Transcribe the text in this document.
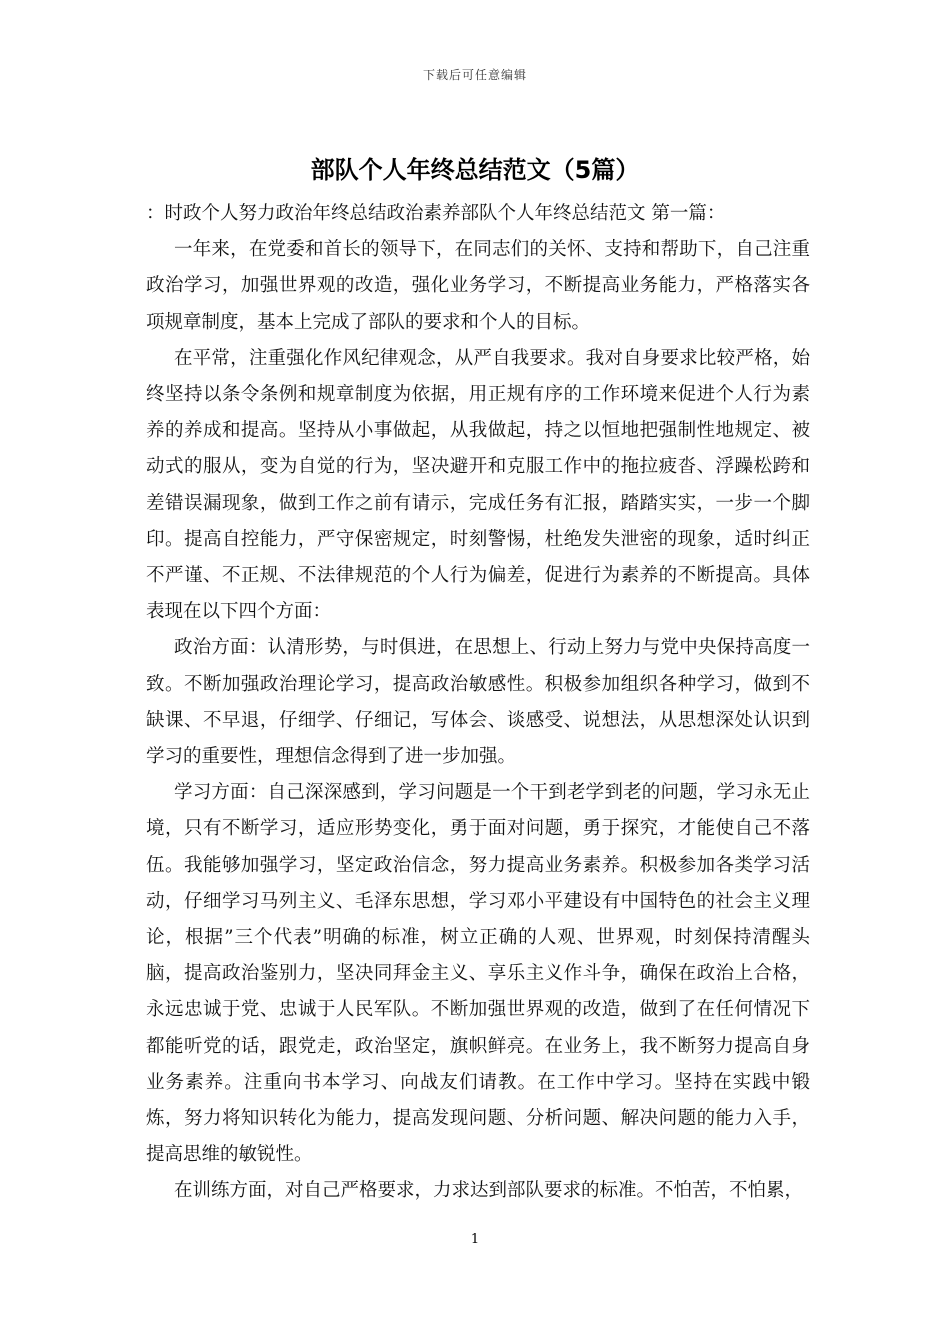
下载后可任意编辑
部队个人年终总结范文（5篇）

：时政个人努力政治年终总结政治素养部队个人年终总结范文 第一篇：

一年来，在党委和首长的领导下，在同志们的关怀、支持和帮助下，自己注重政治学习，加强世界观的改造，强化业务学习，不断提高业务能力，严格落实各项规章制度，基本上完成了部队的要求和个人的目标。

在平常，注重强化作风纪律观念，从严自我要求。我对自身要求比较严格，始终坚持以条令条例和规章制度为依据，用正规有序的工作环境来促进个人行为素养的养成和提高。坚持从小事做起，从我做起，持之以恒地把强制性地规定、被动式的服从，变为自觉的行为，坚决避开和克服工作中的拖拉疲沓、浮躁松跨和差错误漏现象，做到工作之前有请示，完成任务有汇报，踏踏实实，一步一个脚印。提高自控能力，严守保密规定，时刻警惕，杜绝发失泄密的现象，适时纠正不严谨、不正规、不法律规范的个人行为偏差，促进行为素养的不断提高。具体表现在以下四个方面：

政治方面：认清形势，与时俱进，在思想上、行动上努力与党中央保持高度一致。不断加强政治理论学习，提高政治敏感性。积极参加组织各种学习，做到不缺课、不早退，仔细学、仔细记，写体会、谈感受、说想法，从思想深处认识到学习的重要性，理想信念得到了进一步加强。

学习方面：自己深深感到，学习问题是一个干到老学到老的问题，学习永无止境，只有不断学习，适应形势变化，勇于面对问题，勇于探究，才能使自己不落伍。我能够加强学习，坚定政治信念，努力提高业务素养。积极参加各类学习活动，仔细学习马列主义、毛泽东思想，学习邓小平建设有中国特色的社会主义理论，根据”三个代表”明确的标准，树立正确的人观、世界观，时刻保持清醒头脑，提高政治鉴别力，坚决同拜金主义、享乐主义作斗争，确保在政治上合格，永远忠诚于党、忠诚于人民军队。不断加强世界观的改造，做到了在任何情况下都能听党的话，跟党走，政治坚定，旗帜鲜亮。在业务上，我不断努力提高自身业务素养。注重向书本学习、向战友们请教。在工作中学习。坚持在实践中锻炼，努力将知识转化为能力，提高发现问题、分析问题、解决问题的能力入手，提高思维的敏锐性。

在训练方面，对自己严格要求，力求达到部队要求的标准。不怕苦，不怕累，

1
